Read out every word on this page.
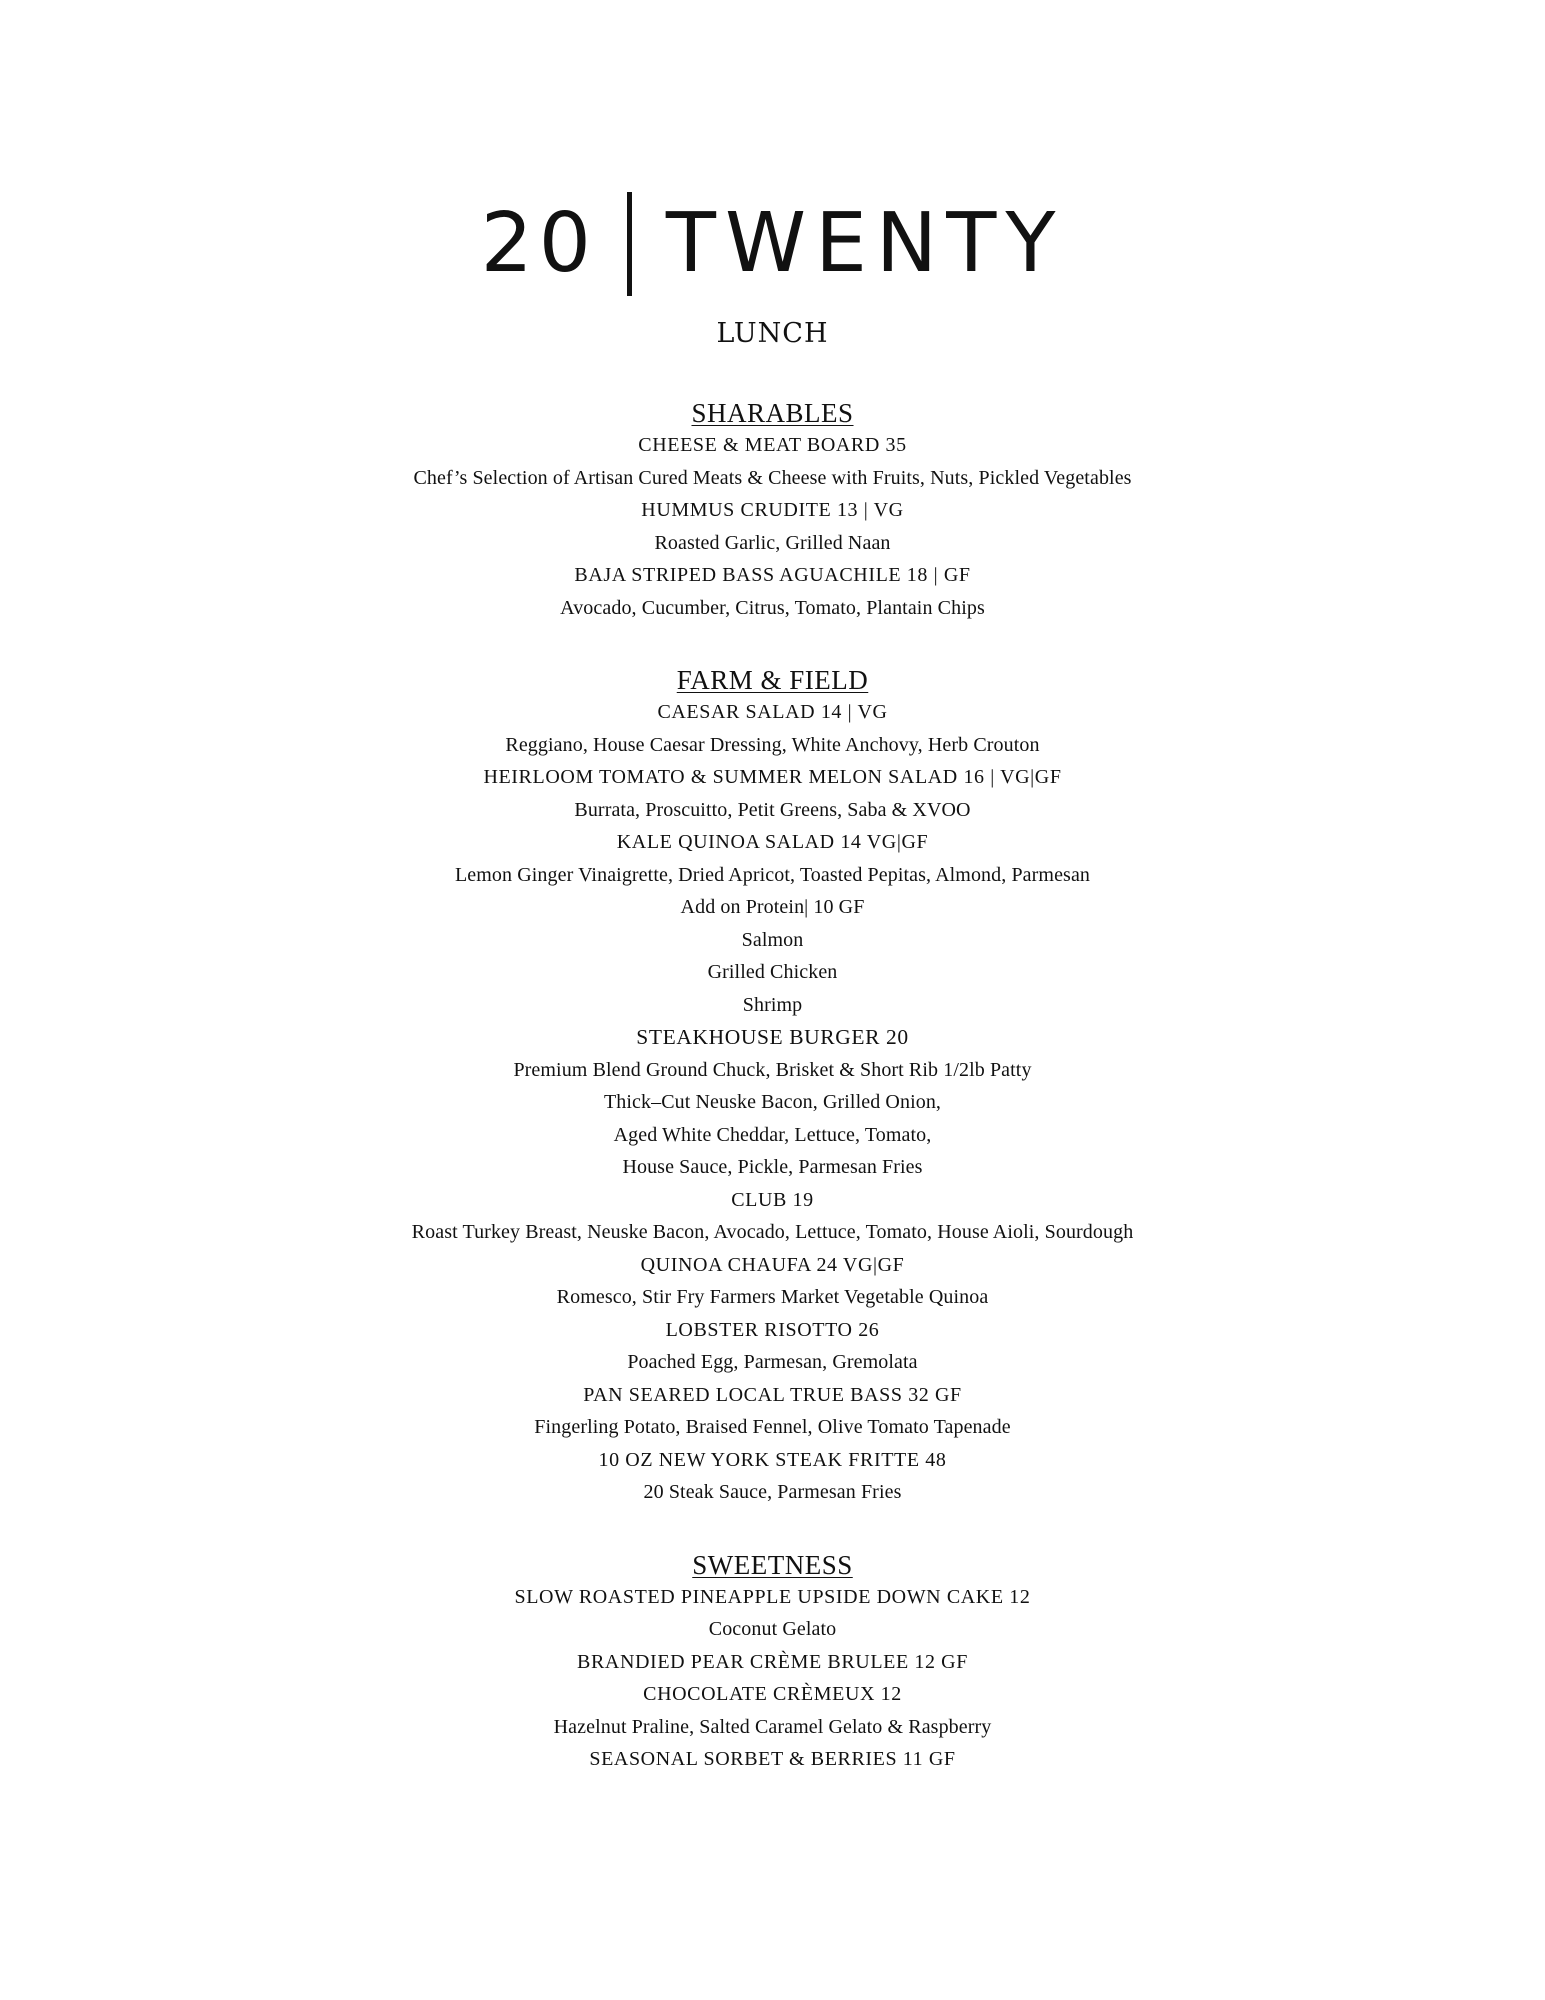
20 TWENTY
LUNCH
SHARABLES
CHEESE & MEAT BOARD 35
Chef’s Selection of Artisan Cured Meats & Cheese with Fruits, Nuts, Pickled Vegetables
HUMMUS CRUDITE 13 | VG
Roasted Garlic, Grilled Naan
BAJA STRIPED BASS AGUACHILE 18 | GF
Avocado, Cucumber, Citrus, Tomato, Plantain Chips
FARM & FIELD
CAESAR SALAD 14 | VG
Reggiano, House Caesar Dressing, White Anchovy, Herb Crouton
HEIRLOOM TOMATO & SUMMER MELON SALAD 16 | VG|GF
Burrata, Proscuitto, Petit Greens, Saba & XVOO
KALE QUINOA SALAD 14 VG|GF
Lemon Ginger Vinaigrette, Dried Apricot, Toasted Pepitas, Almond, Parmesan
Add on Protein| 10 GF
Salmon
Grilled Chicken
Shrimp
STEAKHOUSE BURGER 20
Premium Blend Ground Chuck, Brisket & Short Rib 1/2lb Patty
Thick–Cut Neuske Bacon, Grilled Onion,
Aged White Cheddar, Lettuce, Tomato,
House Sauce, Pickle, Parmesan Fries
CLUB 19
Roast Turkey Breast, Neuske Bacon, Avocado, Lettuce, Tomato, House Aioli, Sourdough
QUINOA CHAUFA 24 VG|GF
Romesco, Stir Fry Farmers Market Vegetable Quinoa
LOBSTER RISOTTO 26
Poached Egg, Parmesan, Gremolata
PAN SEARED LOCAL TRUE BASS 32 GF
Fingerling Potato, Braised Fennel, Olive Tomato Tapenade
10 OZ NEW YORK STEAK FRITTE 48
20 Steak Sauce, Parmesan Fries
SWEETNESS
SLOW ROASTED PINEAPPLE UPSIDE DOWN CAKE 12
Coconut Gelato
BRANDIED PEAR CRÈME BRULEE 12 GF
CHOCOLATE CRÈMEUX 12
Hazelnut Praline, Salted Caramel Gelato & Raspberry
SEASONAL SORBET & BERRIES 11 GF
